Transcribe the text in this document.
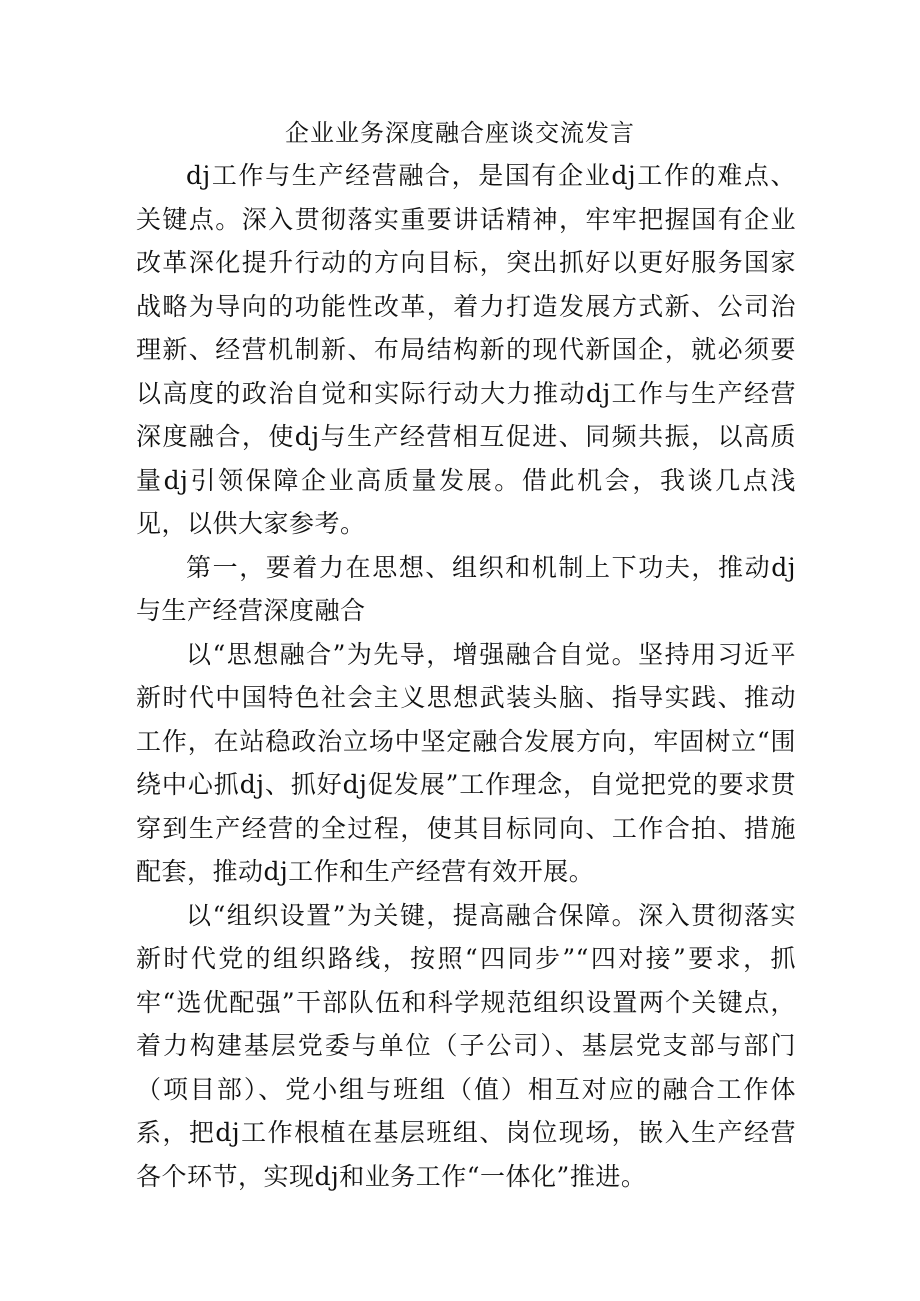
企业业务深度融合座谈交流发言

dj工作与生产经营融合，是国有企业dj工作的难点、关键点。深入贯彻落实重要讲话精神，牢牢把握国有企业改革深化提升行动的方向目标，突出抓好以更好服务国家战略为导向的功能性改革，着力打造发展方式新、公司治理新、经营机制新、布局结构新的现代新国企，就必须要以高度的政治自觉和实际行动大力推动dj工作与生产经营深度融合，使dj与生产经营相互促进、同频共振，以高质量dj引领保障企业高质量发展。借此机会，我谈几点浅见，以供大家参考。

第一，要着力在思想、组织和机制上下功夫，推动dj与生产经营深度融合

以“思想融合”为先导，增强融合自觉。坚持用习近平新时代中国特色社会主义思想武装头脑、指导实践、推动工作，在站稳政治立场中坚定融合发展方向，牢固树立“围绕中心抓dj、抓好dj促发展”工作理念，自觉把党的要求贯穿到生产经营的全过程，使其目标同向、工作合拍、措施配套，推动dj工作和生产经营有效开展。

以“组织设置”为关键，提高融合保障。深入贯彻落实新时代党的组织路线，按照“四同步”“四对接”要求，抓牢“选优配强”干部队伍和科学规范组织设置两个关键点，着力构建基层党委与单位（子公司）、基层党支部与部门（项目部）、党小组与班组（值）相互对应的融合工作体系，把dj工作根植在基层班组、岗位现场，嵌入生产经营各个环节，实现dj和业务工作“一体化”推进。
